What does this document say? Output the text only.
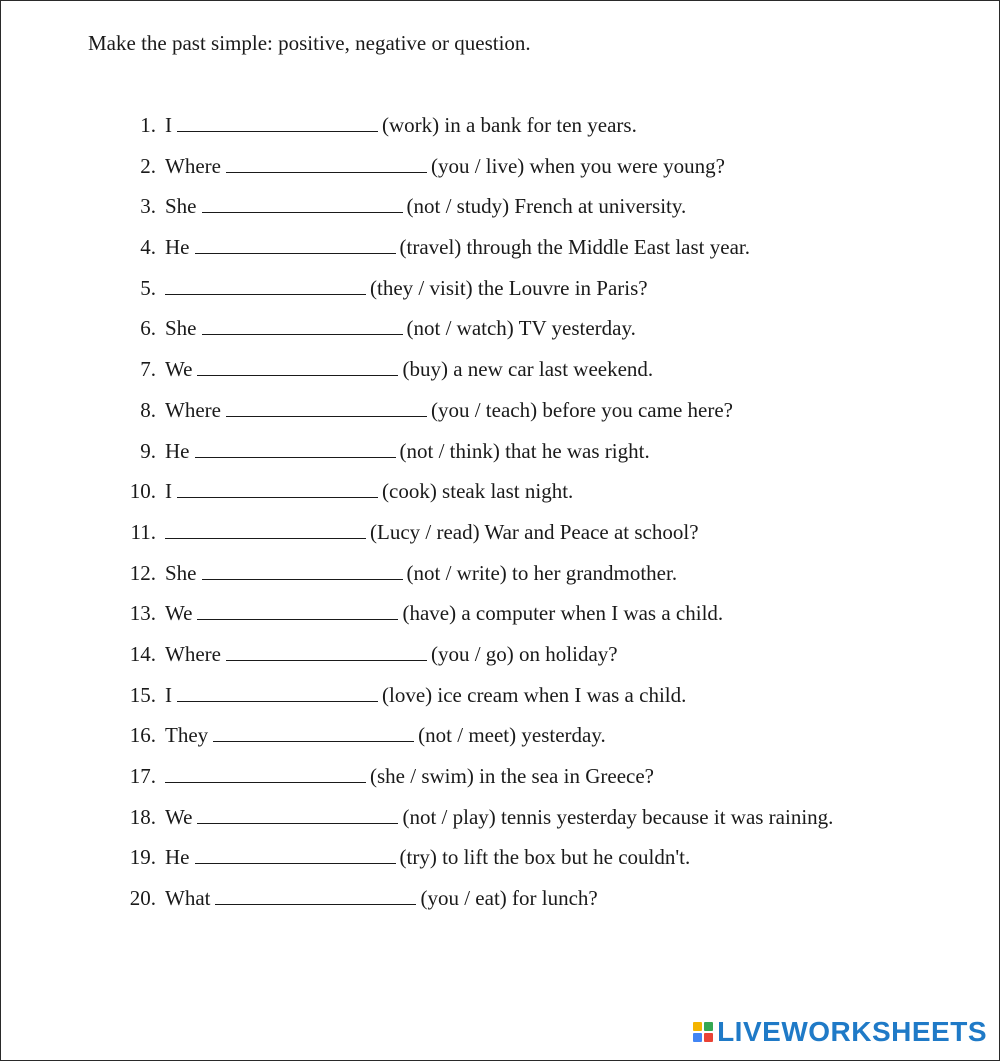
Make the past simple: positive, negative or question.
1. I	(work) in a bank for ten years.
2. Where	(you / live) when you were young?
3. She	(not / study) French at university.
4. He	(travel) through the Middle East last year.
5.	(they / visit) the Louvre in Paris?
6. She	(not / watch) TV yesterday.
7. We	(buy) a new car last weekend.
8. Where	(you / teach) before you came here?
9. He	(not / think) that he was right.
10. I	(cook) steak last night.
11.	(Lucy / read) War and Peace at school?
12. She	(not / write) to her grandmother.
13. We	(have) a computer when I was a child.
14. Where	(you / go) on holiday?
15. I	(love) ice cream when I was a child.
16. They	(not / meet) yesterday.
17.	(she / swim) in the sea in Greece?
18. We	(not / play) tennis yesterday because it was raining.
19. He	(try) to lift the box but he couldn't.
20. What	(you / eat) for lunch?
LIVEWORKSHEETS
